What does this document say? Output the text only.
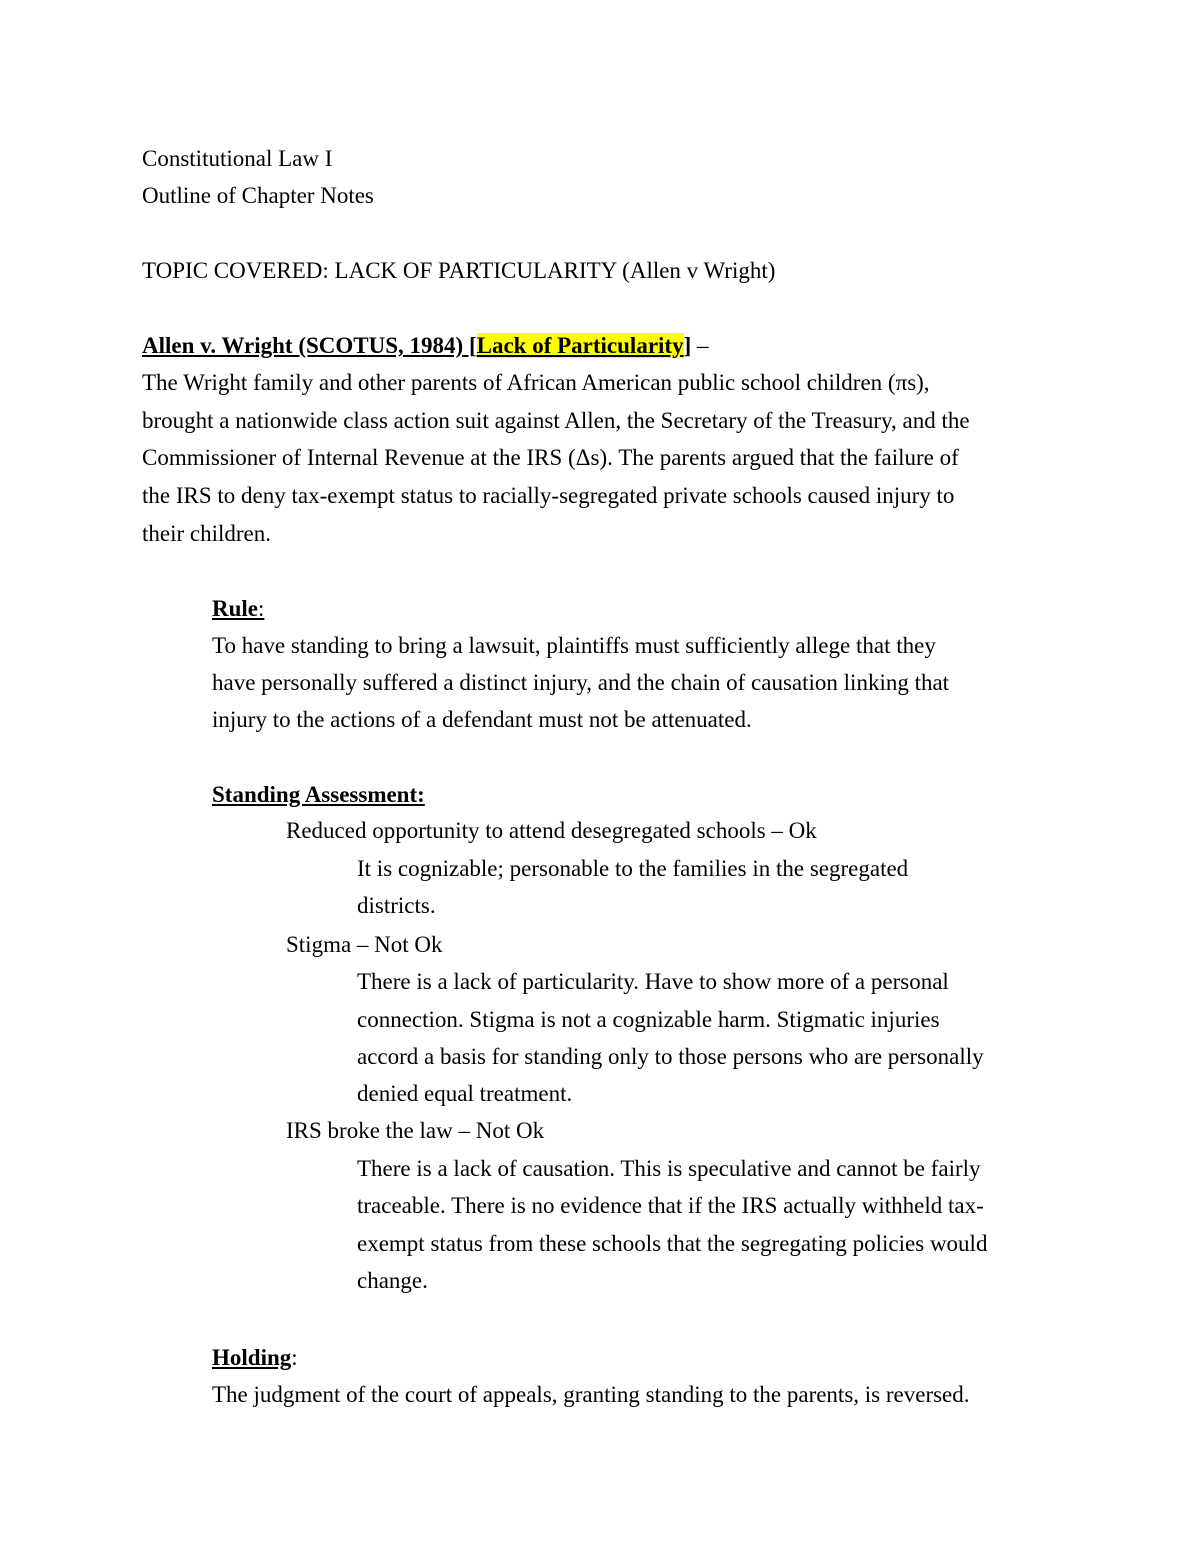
Constitutional Law I
Outline of Chapter Notes
TOPIC COVERED: LACK OF PARTICULARITY (Allen v Wright)
Allen v. Wright (SCOTUS, 1984) [Lack of Particularity] –
The Wright family and other parents of African American public school children (πs),
brought a nationwide class action suit against Allen, the Secretary of the Treasury, and the
Commissioner of Internal Revenue at the IRS (Δs). The parents argued that the failure of
the IRS to deny tax-exempt status to racially-segregated private schools caused injury to
their children.
Rule:
To have standing to bring a lawsuit, plaintiffs must sufficiently allege that they
have personally suffered a distinct injury, and the chain of causation linking that
injury to the actions of a defendant must not be attenuated.
Standing Assessment:
Reduced opportunity to attend desegregated schools – Ok
It is cognizable; personable to the families in the segregated
districts.
Stigma – Not Ok
There is a lack of particularity. Have to show more of a personal
connection. Stigma is not a cognizable harm. Stigmatic injuries
accord a basis for standing only to those persons who are personally
denied equal treatment.
IRS broke the law – Not Ok
There is a lack of causation. This is speculative and cannot be fairly
traceable. There is no evidence that if the IRS actually withheld tax-
exempt status from these schools that the segregating policies would
change.
Holding:
The judgment of the court of appeals, granting standing to the parents, is reversed.
